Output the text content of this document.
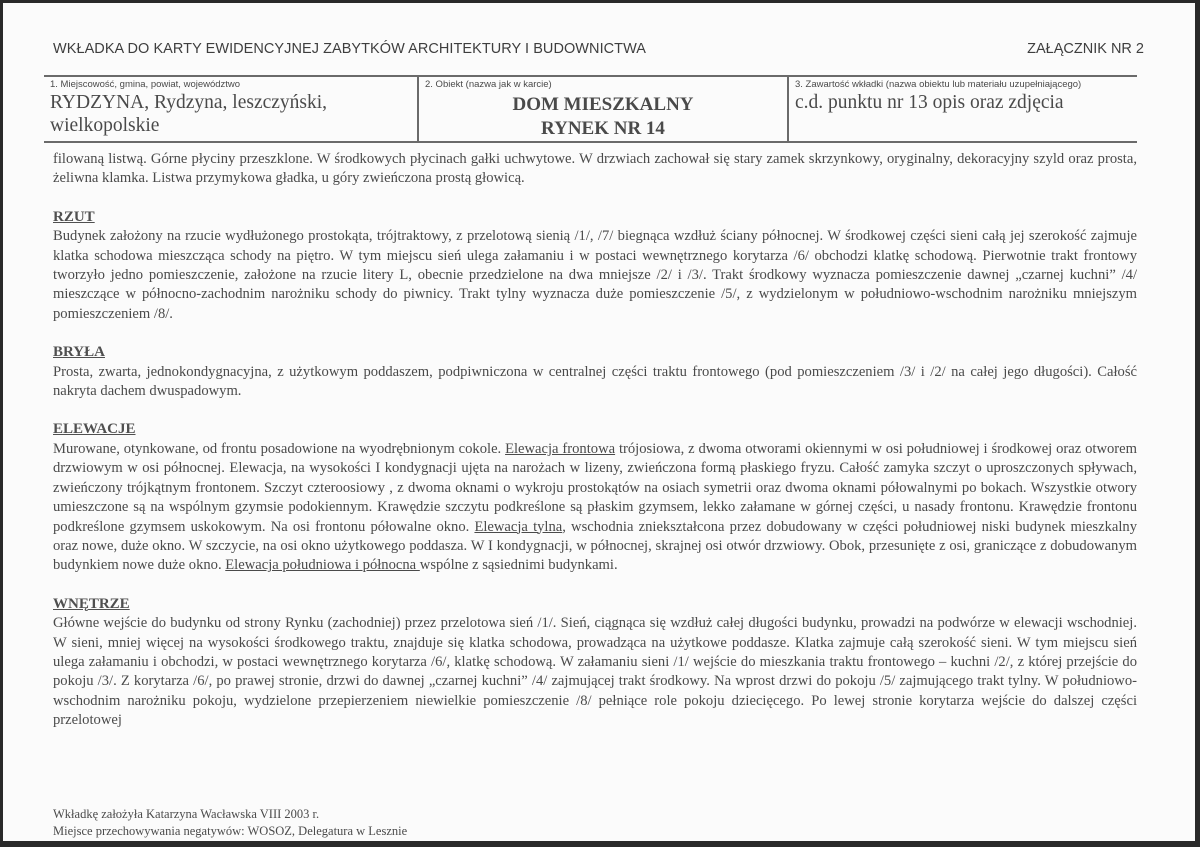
WKŁADKA DO KARTY EWIDENCYJNEJ ZABYTKÓW ARCHITEKTURY I BUDOWNICTWA	ZAŁĄCZNIK NR 2
1. Miejscowość, gmina, powiat, województwo
RYDZYNA, Rydzyna, leszczyński,
wielkopolskie
2. Obiekt (nazwa jak w karcie)
DOM MIESZKALNY
RYNEK NR 14
3. Zawartość wkładki (nazwa obiektu lub materiału uzupełniającego)
c.d. punktu nr 13 opis oraz zdjęcia

filowaną listwą. Górne płyciny przeszklone. W środkowych płycinach gałki uchwytowe. W drzwiach zachował się stary zamek skrzynkowy, oryginalny, dekoracyjny szyld oraz prosta, żeliwna klamka. Listwa przymykowa gładka, u góry zwieńczona prostą głowicą.

RZUT

Budynek założony na rzucie wydłużonego prostokąta, trójtraktowy, z przelotową sienią /1/, /7/ biegnąca wzdłuż ściany północnej. W środkowej części sieni całą jej szerokość zajmuje klatka schodowa mieszcząca schody na piętro. W tym miejscu sień ulega załamaniu i w postaci wewnętrznego korytarza /6/ obchodzi klatkę schodową. Pierwotnie trakt frontowy tworzyło jedno pomieszczenie, założone na rzucie litery L, obecnie przedzielone na dwa mniejsze /2/ i /3/. Trakt środkowy wyznacza pomieszczenie dawnej „czarnej kuchni” /4/ mieszczące w północno-zachodnim narożniku schody do piwnicy. Trakt tylny wyznacza duże pomieszczenie /5/, z wydzielonym w południowo-wschodnim narożniku mniejszym pomieszczeniem /8/.

BRYŁA

Prosta, zwarta, jednokondygnacyjna, z użytkowym poddaszem, podpiwniczona w centralnej części traktu frontowego (pod pomieszczeniem /3/ i /2/ na całej jego długości). Całość nakryta dachem dwuspadowym.

ELEWACJE

Murowane, otynkowane, od frontu posadowione na wyodrębnionym cokole. Elewacja frontowa trójosiowa, z dwoma otworami okiennymi w osi południowej i środkowej oraz otworem drzwiowym w osi północnej. Elewacja, na wysokości I kondygnacji ujęta na narożach w lizeny, zwieńczona formą płaskiego fryzu. Całość zamyka szczyt o uproszczonych spływach, zwieńczony trójkątnym frontonem. Szczyt czteroosiowy , z dwoma oknami o wykroju prostokątów na osiach symetrii oraz dwoma oknami półowalnymi po bokach. Wszystkie otwory umieszczone są na wspólnym gzymsie podokiennym. Krawędzie szczytu podkreślone są płaskim gzymsem, lekko załamane w górnej części, u nasady frontonu. Krawędzie frontonu podkreślone gzymsem uskokowym. Na osi frontonu półowalne okno. Elewacja tylna, wschodnia zniekształcona przez dobudowany w części południowej niski budynek mieszkalny oraz nowe, duże okno. W szczycie, na osi okno użytkowego poddasza. W I kondygnacji, w północnej, skrajnej osi otwór drzwiowy. Obok, przesunięte z osi, graniczące z dobudowanym budynkiem nowe duże okno. Elewacja południowa i północna wspólne z sąsiednimi budynkami.

WNĘTRZE

Główne wejście do budynku od strony Rynku (zachodniej) przez przelotowa sień /1/. Sień, ciągnąca się wzdłuż całej długości budynku, prowadzi na podwórze w elewacji wschodniej. W sieni, mniej więcej na wysokości środkowego traktu, znajduje się klatka schodowa, prowadząca na użytkowe poddasze. Klatka zajmuje całą szerokość sieni. W tym miejscu sień ulega załamaniu i obchodzi, w postaci wewnętrznego korytarza /6/, klatkę schodową. W załamaniu sieni /1/ wejście do mieszkania traktu frontowego – kuchni /2/, z której przejście do pokoju /3/. Z korytarza /6/, po prawej stronie, drzwi do dawnej „czarnej kuchni” /4/ zajmującej trakt środkowy. Na wprost drzwi do pokoju /5/ zajmującego trakt tylny. W południowo-wschodnim narożniku pokoju, wydzielone przepierzeniem niewielkie pomieszczenie /8/ pełniące role pokoju dziecięcego. Po lewej stronie korytarza wejście do dalszej części przelotowej

Wkładkę założyła Katarzyna Wacławska VIII 2003 r.
Miejsce przechowywania negatywów: WOSOZ, Delegatura w Lesznie
